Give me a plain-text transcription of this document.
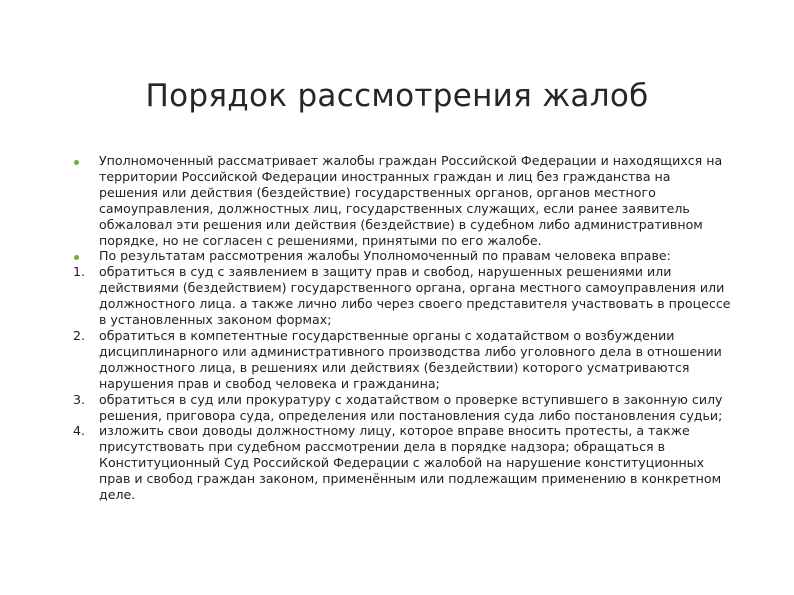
Порядок рассмотрения жалоб
Уполномоченный рассматривает жалобы граждан Российской Федерации и находящихся на территории Российской Федерации иностранных граждан и лиц без гражданства на решения или действия (бездействие) государственных органов, органов местного самоуправления, должностных лиц, государственных служащих, если ранее заявитель обжаловал эти решения или действия (бездействие) в судебном либо административном порядке, но не согласен с решениями, принятыми по его жалобе.
По результатам рассмотрения жалобы Уполномоченный по правам человека вправе:
1.	обратиться в суд с заявлением в защиту прав и свобод, нарушенных решениями или действиями (бездействием) государственного органа, органа местного самоуправления или должностного лица. а также лично либо через своего представителя участвовать в процессе в установленных законом формах;
2.	обратиться в компетентные государственные органы с ходатайством о возбуждении дисциплинарного или административного производства либо уголовного дела в отношении должностного лица, в решениях или действиях (бездействии) которого усматриваются нарушения прав и свобод человека и гражданина;
3.	обратиться в суд или прокуратуру с ходатайством о проверке вступившего в законную силу решения, приговора суда, определения или постановления суда либо постановления судьи;
4.	изложить свои доводы должностному лицу, которое вправе вносить протесты, а также присутствовать при судебном рассмотрении дела в порядке надзора; обращаться в Конституционный Суд Российской Федерации с жалобой на нарушение конституционных прав и свобод граждан законом, применённым или подлежащим применению в конкретном деле.
